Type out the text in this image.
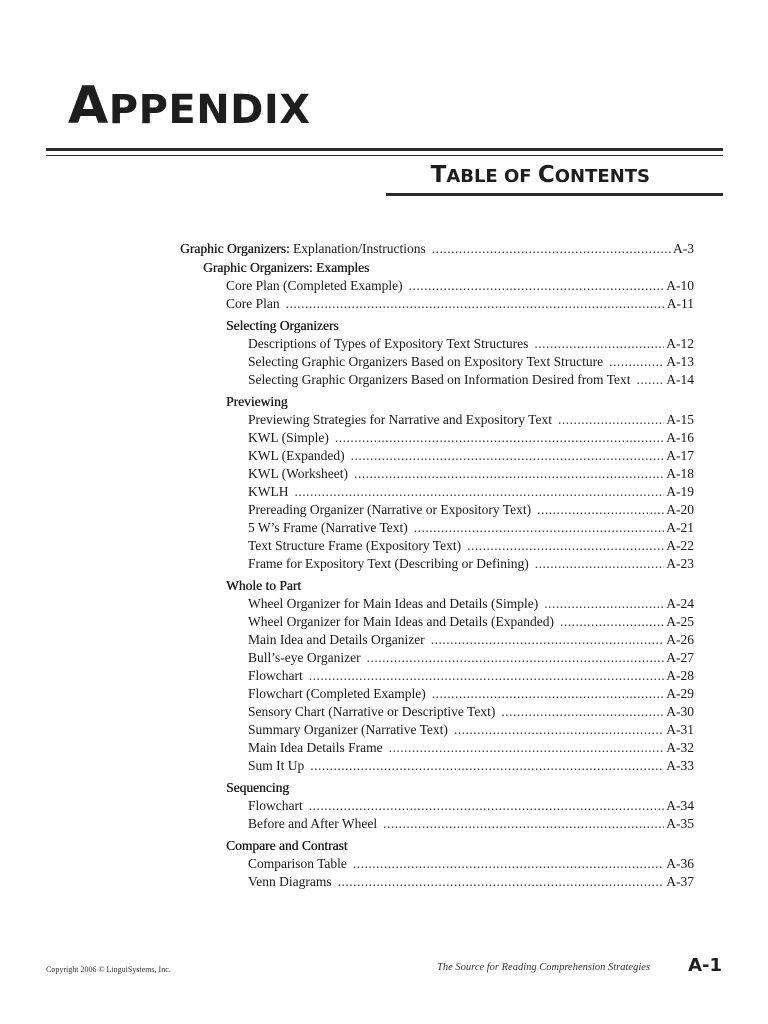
APPENDIX
TABLE OF CONTENTS
Graphic Organizers: Explanation/Instructions .....	A-3
Graphic Organizers: Examples
Core Plan (Completed Example) .....	A-10
Core Plan .....	A-11
Selecting Organizers
Descriptions of Types of Expository Text Structures .....	A-12
Selecting Graphic Organizers Based on Expository Text Structure .....	A-13
Selecting Graphic Organizers Based on Information Desired from Text .....	A-14
Previewing
Previewing Strategies for Narrative and Expository Text .....	A-15
KWL (Simple) .....	A-16
KWL (Expanded) .....	A-17
KWL (Worksheet) .....	A-18
KWLH .....	A-19
Prereading Organizer (Narrative or Expository Text) .....	A-20
5 W’s Frame (Narrative Text) .....	A-21
Text Structure Frame (Expository Text) .....	A-22
Frame for Expository Text (Describing or Defining) .....	A-23
Whole to Part
Wheel Organizer for Main Ideas and Details (Simple) .....	A-24
Wheel Organizer for Main Ideas and Details (Expanded) .....	A-25
Main Idea and Details Organizer .....	A-26
Bull’s-eye Organizer .....	A-27
Flowchart .....	A-28
Flowchart (Completed Example) .....	A-29
Sensory Chart (Narrative or Descriptive Text) .....	A-30
Summary Organizer (Narrative Text) .....	A-31
Main Idea Details Frame .....	A-32
Sum It Up .....	A-33
Sequencing
Flowchart .....	A-34
Before and After Wheel .....	A-35
Compare and Contrast
Comparison Table .....	A-36
Venn Diagrams .....	A-37
Copyright 2006 © LinguiSystems, Inc.	The Source for Reading Comprehension Strategies A-1
